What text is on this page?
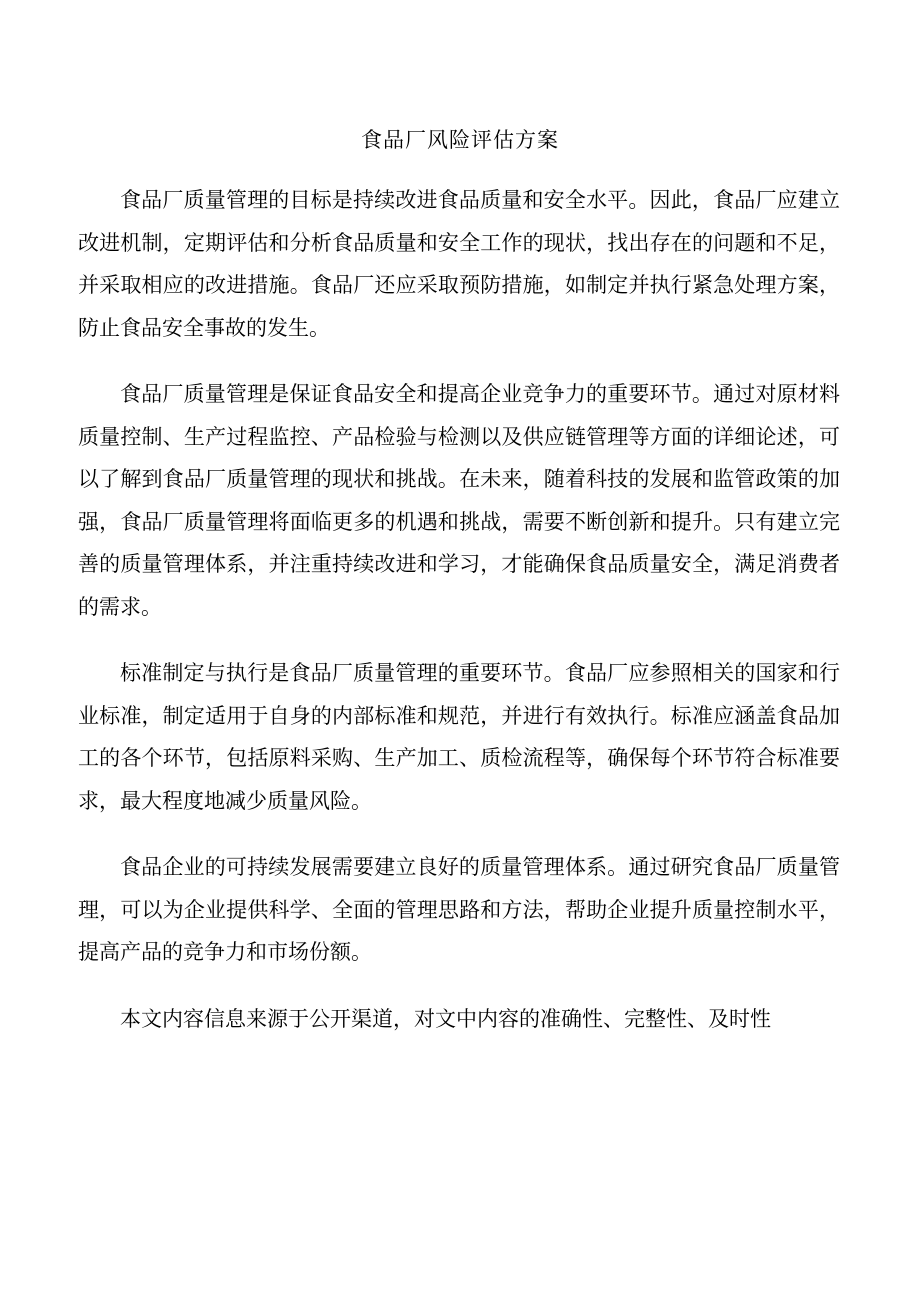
食品厂风险评估方案

食品厂质量管理的目标是持续改进食品质量和安全水平。因此，食品厂应建立改进机制，定期评估和分析食品质量和安全工作的现状，找出存在的问题和不足，并采取相应的改进措施。食品厂还应采取预防措施，如制定并执行紧急处理方案，防止食品安全事故的发生。

食品厂质量管理是保证食品安全和提高企业竞争力的重要环节。通过对原材料质量控制、生产过程监控、产品检验与检测以及供应链管理等方面的详细论述，可以了解到食品厂质量管理的现状和挑战。在未来，随着科技的发展和监管政策的加强，食品厂质量管理将面临更多的机遇和挑战，需要不断创新和提升。只有建立完善的质量管理体系，并注重持续改进和学习，才能确保食品质量安全，满足消费者的需求。

标准制定与执行是食品厂质量管理的重要环节。食品厂应参照相关的国家和行业标准，制定适用于自身的内部标准和规范，并进行有效执行。标准应涵盖食品加工的各个环节，包括原料采购、生产加工、质检流程等，确保每个环节符合标准要求，最大程度地减少质量风险。

食品企业的可持续发展需要建立良好的质量管理体系。通过研究食品厂质量管理，可以为企业提供科学、全面的管理思路和方法，帮助企业提升质量控制水平，提高产品的竞争力和市场份额。

本文内容信息来源于公开渠道，对文中内容的准确性、完整性、及时性
